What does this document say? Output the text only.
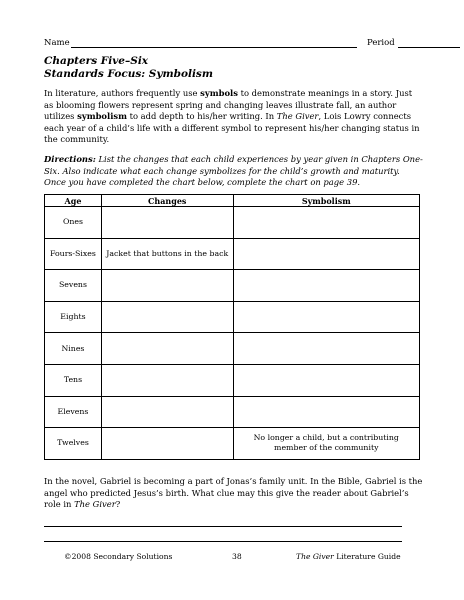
Name	Period
Chapters Five–Six
Standards Focus: Symbolism
In literature, authors frequently use symbols to demonstrate meanings in a story. Just as blooming flowers represent spring and changing leaves illustrate fall, an author utilizes symbolism to add depth to his/her writing. In The Giver, Lois Lowry connects each year of a child’s life with a different symbol to represent his/her changing status in the community.
Directions: List the changes that each child experiences by year given in Chapters One-Six. Also indicate what each change symbolizes for the child’s growth and maturity. Once you have completed the chart below, complete the chart on page 39.
Age	Changes	Symbolism
Ones		
Fours-Sixes	Jacket that buttons in the back	
Sevens		
Eights		
Nines		
Tens		
Elevens		
Twelves		No longer a child, but a contributing member of the community
In the novel, Gabriel is becoming a part of Jonas’s family unit. In the Bible, Gabriel is the angel who predicted Jesus’s birth. What clue may this give the reader about Gabriel’s role in The Giver?
©2008 Secondary Solutions	38	The Giver Literature Guide
